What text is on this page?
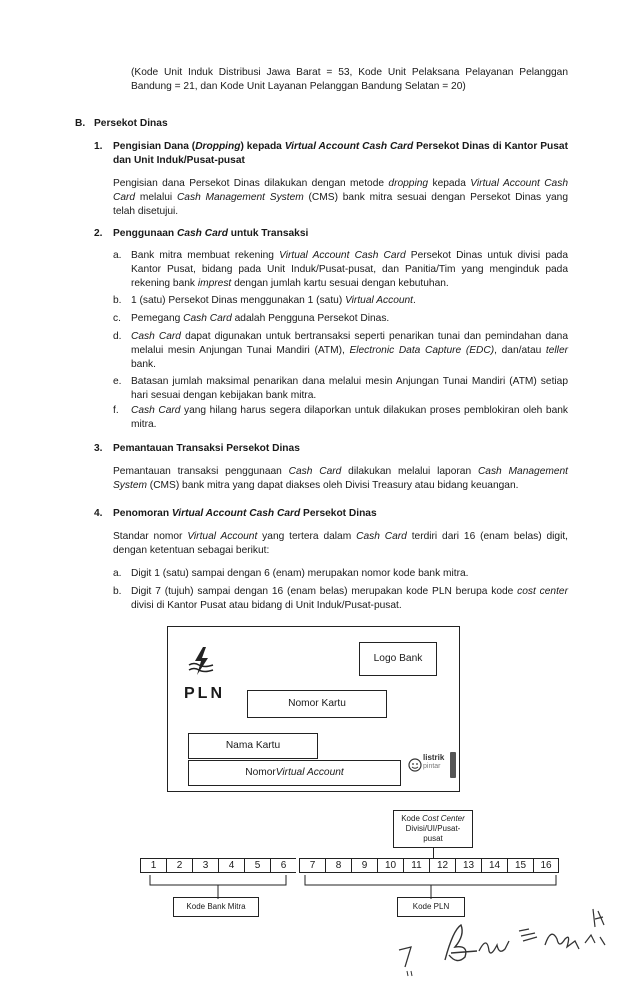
(Kode Unit Induk Distribusi Jawa Barat = 53, Kode Unit Pelaksana Pelayanan Pelanggan Bandung = 21, dan Kode Unit Layanan Pelanggan Bandung Selatan = 20)
B. Persekot Dinas
1. Pengisian Dana (Dropping) kepada Virtual Account Cash Card Persekot Dinas di Kantor Pusat dan Unit Induk/Pusat-pusat
Pengisian dana Persekot Dinas dilakukan dengan metode dropping kepada Virtual Account Cash Card melalui Cash Management System (CMS) bank mitra sesuai dengan Persekot Dinas yang telah disetujui.
2. Penggunaan Cash Card untuk Transaksi
a. Bank mitra membuat rekening Virtual Account Cash Card Persekot Dinas untuk divisi pada Kantor Pusat, bidang pada Unit Induk/Pusat-pusat, dan Panitia/Tim yang menginduk pada rekening bank imprest dengan jumlah kartu sesuai dengan kebutuhan.
b. 1 (satu) Persekot Dinas menggunakan 1 (satu) Virtual Account.
c. Pemegang Cash Card adalah Pengguna Persekot Dinas.
d. Cash Card dapat digunakan untuk bertransaksi seperti penarikan tunai dan pemindahan dana melalui mesin Anjungan Tunai Mandiri (ATM), Electronic Data Capture (EDC), dan/atau teller bank.
e. Batasan jumlah maksimal penarikan dana melalui mesin Anjungan Tunai Mandiri (ATM) setiap hari sesuai dengan kebijakan bank mitra.
f. Cash Card yang hilang harus segera dilaporkan untuk dilakukan proses pemblokiran oleh bank mitra.
3. Pemantauan Transaksi Persekot Dinas
Pemantauan transaksi penggunaan Cash Card dilakukan melalui laporan Cash Management System (CMS) bank mitra yang dapat diakses oleh Divisi Treasury atau bidang keuangan.
4. Penomoran Virtual Account Cash Card Persekot Dinas
Standar nomor Virtual Account yang tertera dalam Cash Card terdiri dari 16 (enam belas) digit, dengan ketentuan sebagai berikut:
a. Digit 1 (satu) sampai dengan 6 (enam) merupakan nomor kode bank mitra.
b. Digit 7 (tujuh) sampai dengan 16 (enam belas) merupakan kode PLN berupa kode cost center divisi di Kantor Pusat atau bidang di Unit Induk/Pusat-pusat.
PLN
Logo Bank
Nomor Kartu
Nama Kartu
Nomor Virtual Account
listrik
pintar
Kode Cost Center
Divisi/UI/Pusat-
pusat
1	2	3	4	5	6	7	8	9	10	11	12	13	14	15	16
Kode Bank Mitra	Kode PLN
